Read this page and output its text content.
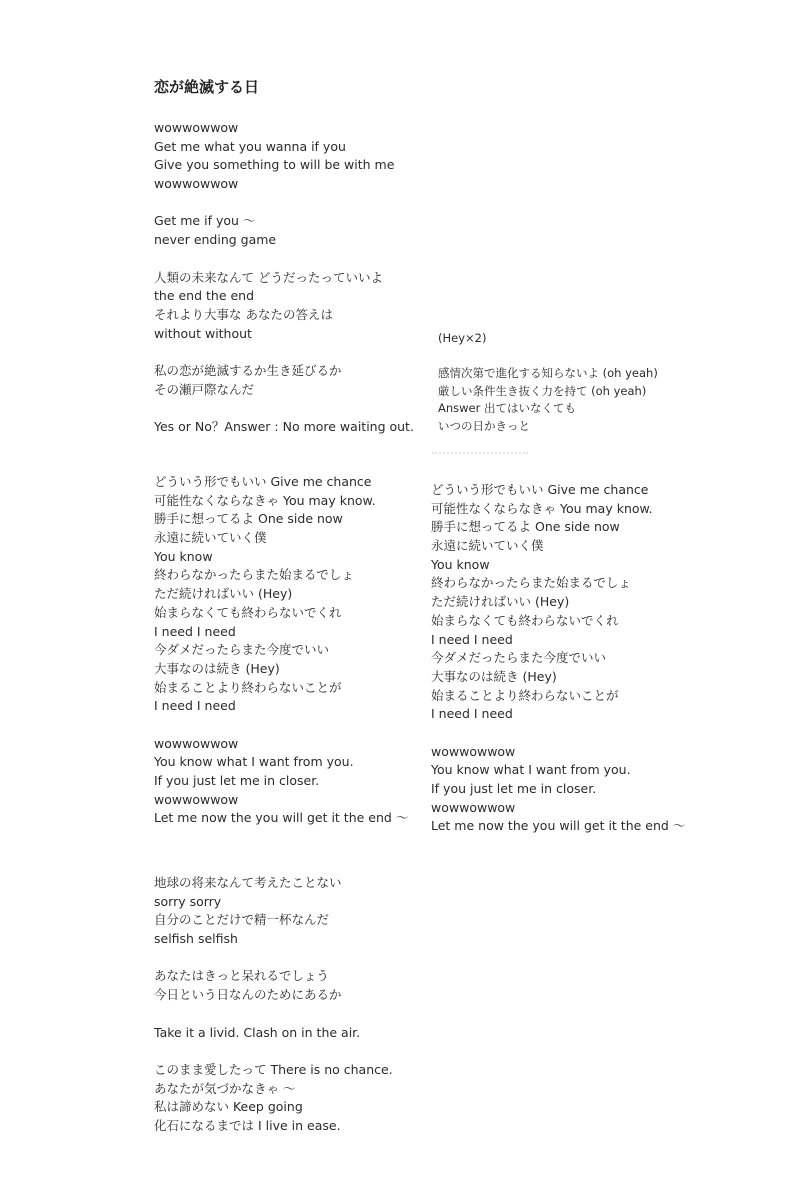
恋が絶滅する日
wowwowwow
Get me what you wanna if you
Give you something to will be with me
wowwowwow
Get me if you 〜
never ending game
人類の未来なんて どうだったっていいよ
the end the end
それより大事な あなたの答えは
without without
私の恋が絶滅するか生き延びるか
その瀬戸際なんだ
Yes or No？Answer : No more waiting out.
どういう形でもいい Give me chance
可能性なくならなきゃ You may know.
勝手に想ってるよ One side now
永遠に続いていく僕
You know
終わらなかったらまた始まるでしょ
ただ続ければいい (Hey)
始まらなくても終わらないでくれ
I need I need
今ダメだったらまた今度でいい
大事なのは続き (Hey)
始まることより終わらないことが
I need I need
wowwowwow
You know what I want from you.
If you just let me in closer.
wowwowwow
Let me now the you will get it the end 〜
地球の将来なんて考えたことない
sorry sorry
自分のことだけで精一杯なんだ
selfish selfish
あなたはきっと呆れるでしょう
今日という日なんのためにあるか
Take it a livid. Clash on in the air.
このまま愛したって There is no chance.
あなたが気づかなきゃ 〜
私は諦めない Keep going
化石になるまでは I live in ease.
(Hey×2)
感情次第で進化する知らないよ (oh yeah)
厳しい条件生き抜く力を持て (oh yeah)
Answer 出てはいなくても
いつの日かきっと
どういう形でもいい Give me chance
可能性なくならなきゃ You may know.
勝手に想ってるよ One side now
永遠に続いていく僕
You know
終わらなかったらまた始まるでしょ
ただ続ければいい (Hey)
始まらなくても終わらないでくれ
I need I need
今ダメだったらまた今度でいい
大事なのは続き (Hey)
始まることより終わらないことが
I need I need
wowwowwow
You know what I want from you.
If you just let me in closer.
wowwowwow
Let me now the you will get it the end 〜
